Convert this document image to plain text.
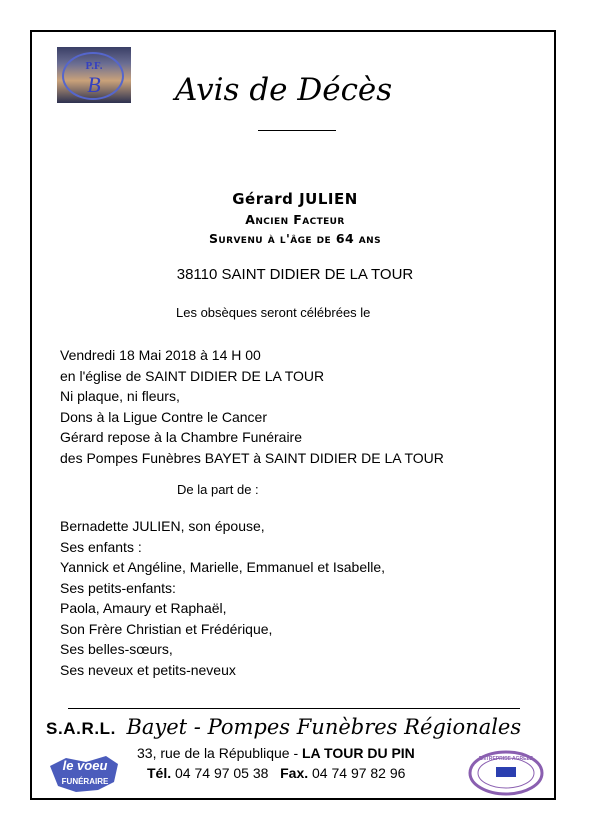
P.F.
B	Avis de Décès
Gérard JULIEN
Ancien Facteur
Survenu à l'âge de 64 ans
38110 SAINT DIDIER DE LA TOUR
Les obsèques seront célébrées le
Vendredi 18 Mai 2018 à 14 H 00
en l'église de SAINT DIDIER DE LA TOUR
Ni plaque, ni fleurs,
Dons à la Ligue Contre le Cancer
Gérard repose à la Chambre Funéraire
des Pompes Funèbres BAYET à SAINT DIDIER DE LA TOUR
De la part de :
Bernadette JULIEN, son épouse,
Ses enfants :
Yannick et Angéline, Marielle, Emmanuel et Isabelle,
Ses petits-enfants:
Paola, Amaury et Raphaël,
Son Frère Christian et Frédérique,
Ses belles-sœurs,
Ses neveux et petits-neveux
S.A.R.L. Bayet - Pompes Funèbres Régionales
33, rue de la République - LA TOUR DU PIN
Tél. 04 74 97 05 38 Fax. 04 74 97 82 96
le voeu
FUNÉRAIRE
ENTREPRISE AGRÉÉE
